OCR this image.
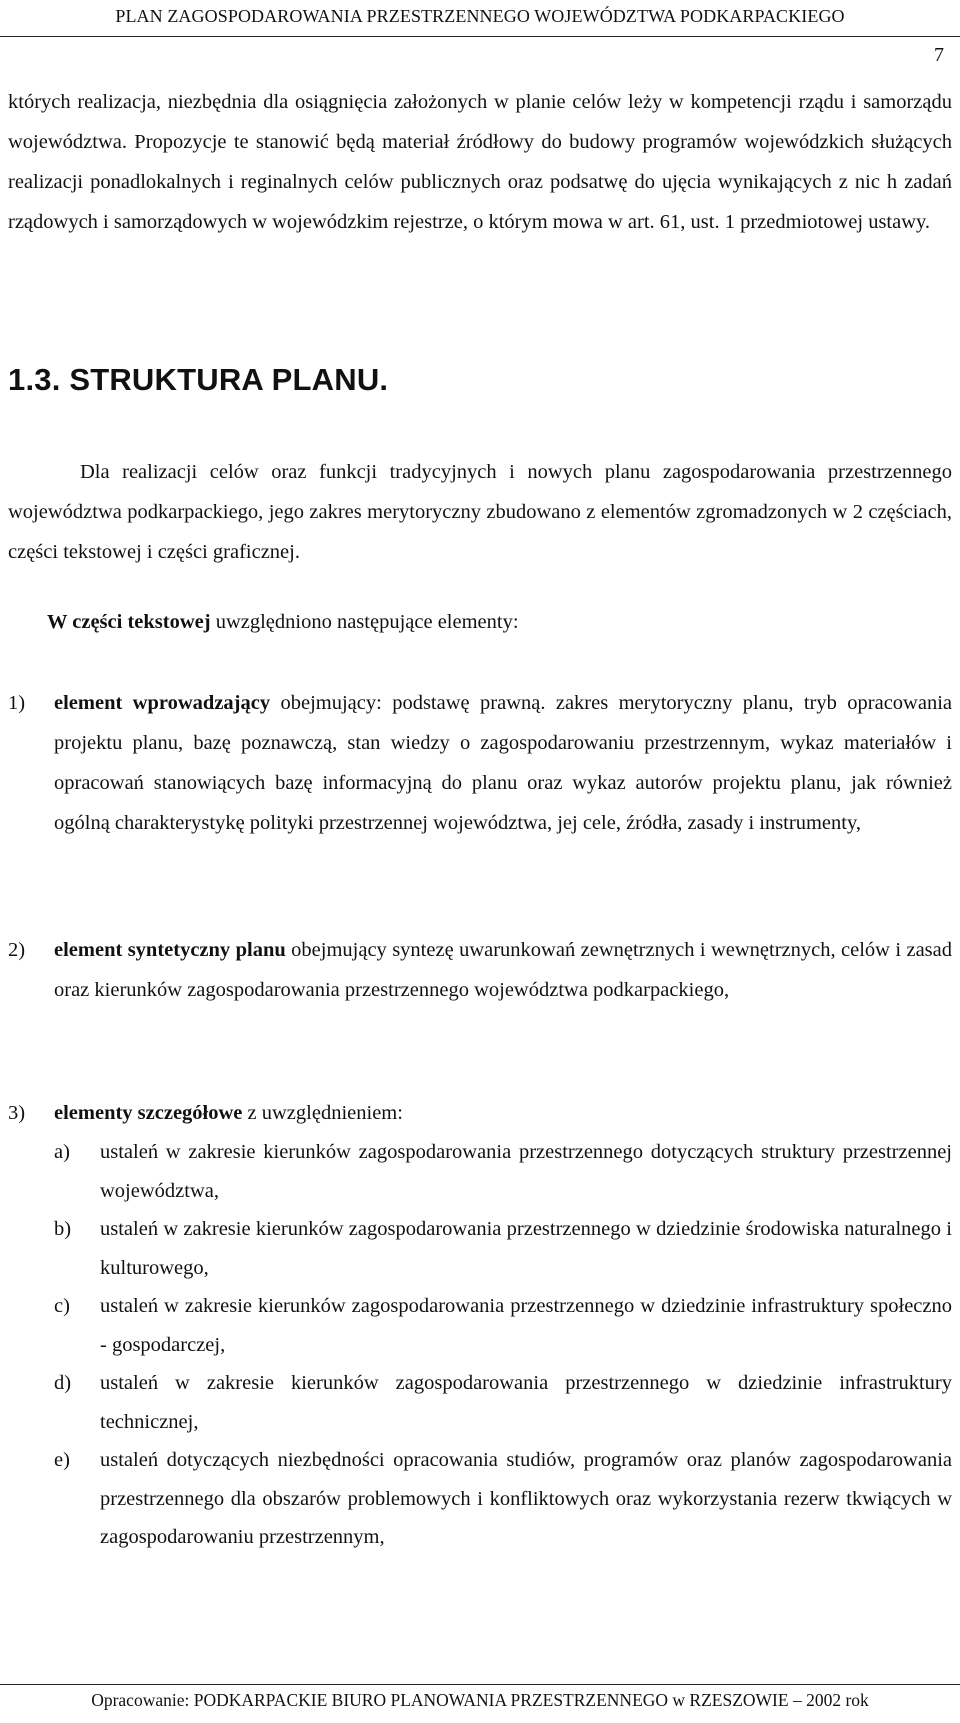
PLAN ZAGOSPODAROWANIA PRZESTRZENNEGO WOJEWÓDZTWA PODKARPACKIEGO
7
których realizacja, niezbędnia dla osiągnięcia założonych w planie celów leży w kompetencji rządu i samorządu województwa. Propozycje te stanowić będą materiał źródłowy do budowy programów wojewódzkich służących realizacji ponadlokalnych i reginalnych celów publicznych oraz podsatwę do ujęcia wynikających z nic h zadań rządowych i samorządowych w wojewódzkim rejestrze, o którym mowa w art. 61, ust. 1 przedmiotowej ustawy.
1.3. STRUKTURA PLANU.
Dla realizacji celów oraz funkcji tradycyjnych i nowych planu zagospodarowania przestrzennego województwa podkarpackiego, jego zakres merytoryczny zbudowano z elementów zgromadzonych w 2 częściach, części tekstowej i części graficznej.
W części tekstowej uwzględniono następujące elementy:
1) element wprowadzający obejmujący: podstawę prawną. zakres merytoryczny planu, tryb opracowania projektu planu, bazę poznawczą, stan wiedzy o zagospodarowaniu przestrzennym, wykaz materiałów i opracowań stanowiących bazę informacyjną do planu oraz wykaz autorów projektu planu, jak również ogólną charakterystykę polityki przestrzennej województwa, jej cele, źródła, zasady i instrumenty,
2) element syntetyczny planu obejmujący syntezę uwarunkowań zewnętrznych i wewnętrznych, celów i zasad oraz kierunków zagospodarowania przestrzennego województwa podkarpackiego,
3) elementy szczegółowe z uwzględnieniem:
a) ustaleń w zakresie kierunków zagospodarowania przestrzennego dotyczących struktury przestrzennej województwa,
b) ustaleń w zakresie kierunków zagospodarowania przestrzennego w dziedzinie środowiska naturalnego i kulturowego,
c) ustaleń w zakresie kierunków zagospodarowania przestrzennego w dziedzinie infrastruktury społeczno - gospodarczej,
d) ustaleń w zakresie kierunków zagospodarowania przestrzennego w dziedzinie infrastruktury technicznej,
e) ustaleń dotyczących niezbędności opracowania studiów, programów oraz planów zagospodarowania przestrzennego dla obszarów problemowych i konfliktowych oraz wykorzystania rezerw tkwiących w zagospodarowaniu przestrzennym,
Opracowanie: PODKARPACKIE BIURO PLANOWANIA PRZESTRZENNEGO w RZESZOWIE – 2002 rok
